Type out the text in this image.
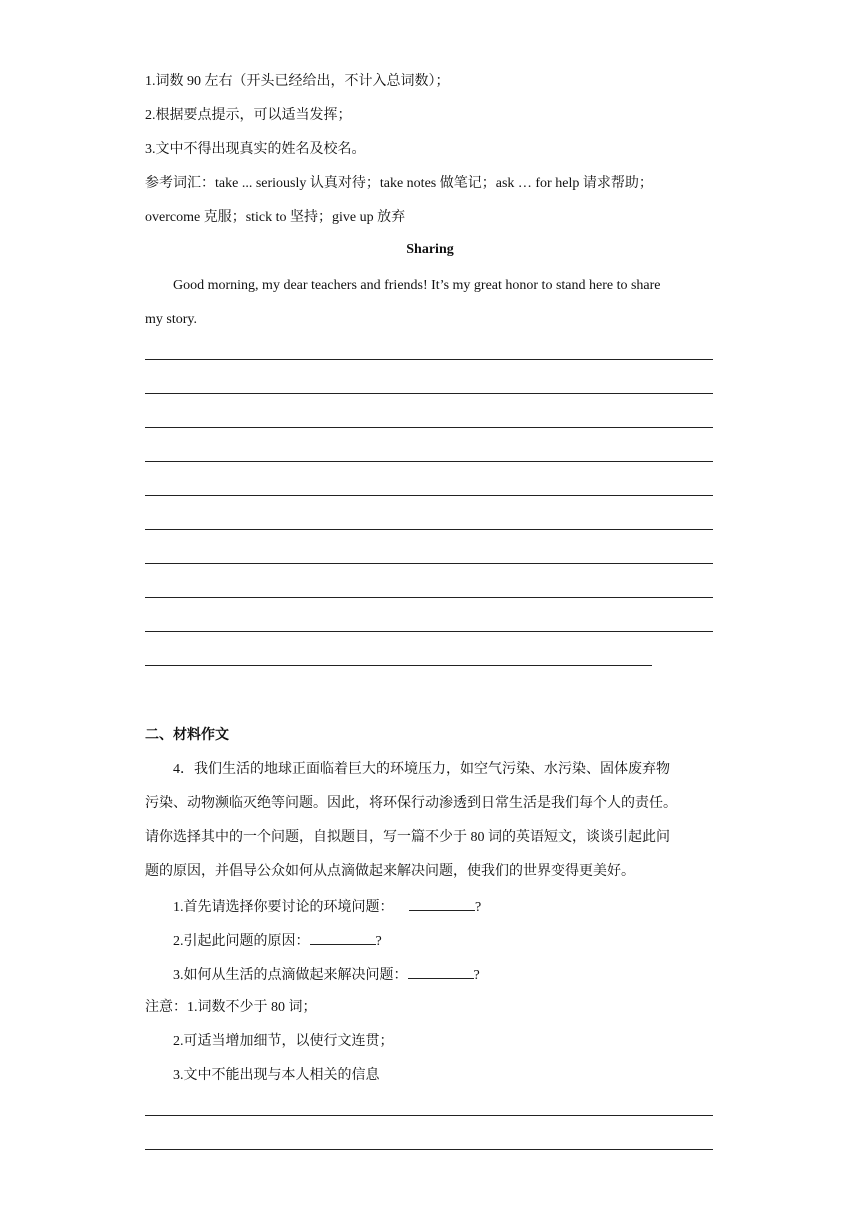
1.词数 90 左右（开头已经给出，不计入总词数）；
2.根据要点提示，可以适当发挥；
3.文中不得出现真实的姓名及校名。
参考词汇：take ... seriously 认真对待；take notes 做笔记；ask … for help 请求帮助；
overcome 克服；stick to 坚持；give up 放弃
Sharing
Good morning, my dear teachers and friends! It’s my great honor to stand here to share
my story.
二、材料作文
4．我们生活的地球正面临着巨大的环境压力，如空气污染、水污染、固体废弃物
污染、动物濒临灭绝等问题。因此，将环保行动渗透到日常生活是我们每个人的责任。
请你选择其中的一个问题，自拟题目，写一篇不少于 80 词的英语短文，谈谈引起此问
题的原因，并倡导公众如何从点滴做起来解决问题，使我们的世界变得更美好。
1.首先请选择你要讨论的环境问题：	?
2.引起此问题的原因：	?
3.如何从生活的点滴做起来解决问题：	?
注意：1.词数不少于 80 词；
2.可适当增加细节，以使行文连贯；
3.文中不能出现与本人相关的信息
